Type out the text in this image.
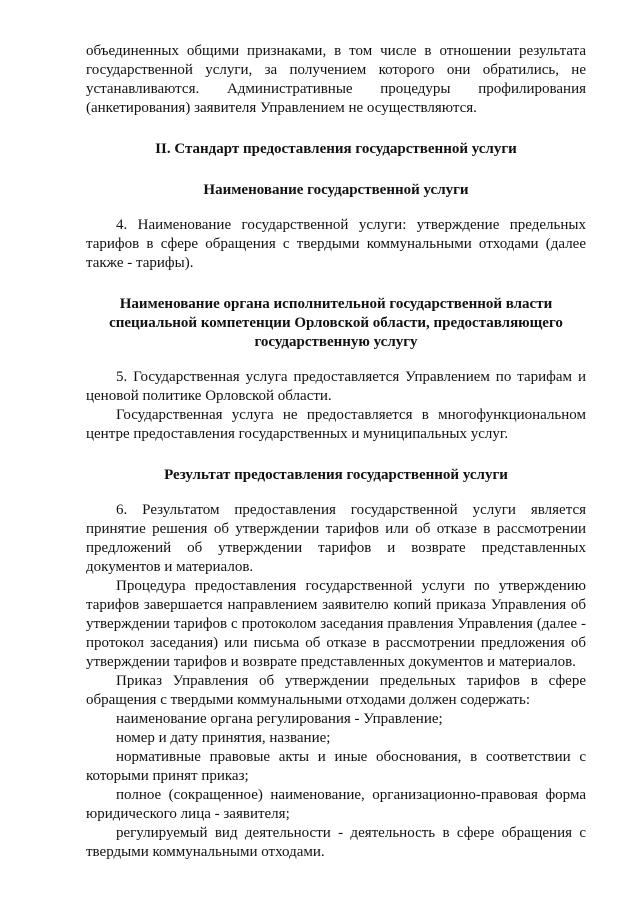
объединенных общими признаками, в том числе в отношении результата государственной услуги, за получением которого они обратились, не устанавливаются. Административные процедуры профилирования (анкетирования) заявителя Управлением не осуществляются.

II. Стандарт предоставления государственной услуги
Наименование государственной услуги

4. Наименование государственной услуги: утверждение предельных тарифов в сфере обращения с твердыми коммунальными отходами (далее также - тарифы).

Наименование органа исполнительной государственной власти специальной компетенции Орловской области, предоставляющего государственную услугу

5. Государственная услуга предоставляется Управлением по тарифам и ценовой политике Орловской области.

Государственная услуга не предоставляется в многофункциональном центре предоставления государственных и муниципальных услуг.

Результат предоставления государственной услуги

6. Результатом предоставления государственной услуги является принятие решения об утверждении тарифов или об отказе в рассмотрении предложений об утверждении тарифов и возврате представленных документов и материалов.

Процедура предоставления государственной услуги по утверждению тарифов завершается направлением заявителю копий приказа Управления об утверждении тарифов с протоколом заседания правления Управления (далее - протокол заседания) или письма об отказе в рассмотрении предложения об утверждении тарифов и возврате представленных документов и материалов.

Приказ Управления об утверждении предельных тарифов в сфере обращения с твердыми коммунальными отходами должен содержать:

наименование органа регулирования - Управление;

номер и дату принятия, название;

нормативные правовые акты и иные обоснования, в соответствии с которыми принят приказ;

полное (сокращенное) наименование, организационно-правовая форма юридического лица - заявителя;

регулируемый вид деятельности - деятельность в сфере обращения с твердыми коммунальными отходами.
